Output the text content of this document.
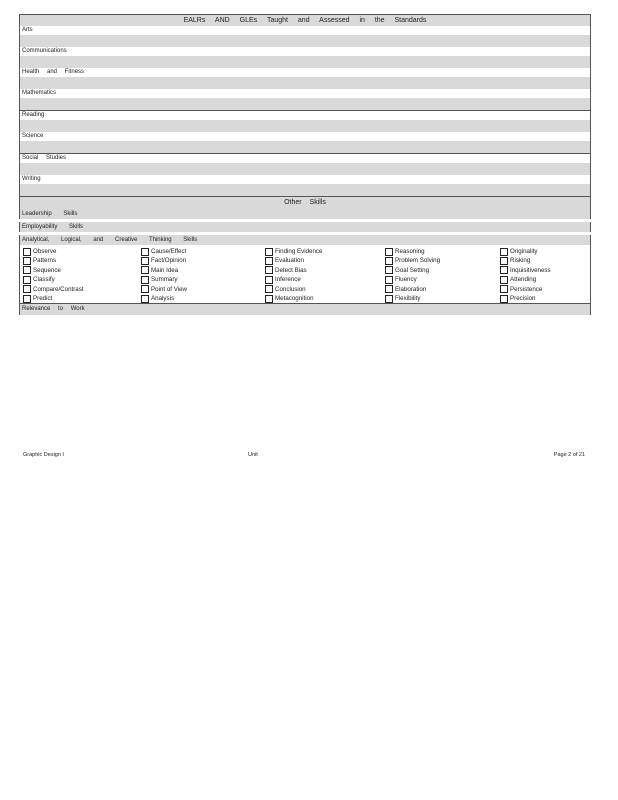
EALRs AND GLEs Taught and Assessed in the Standards
Arts
Communications
Health and Fitness
Mathematics
Reading
Science
Social Studies
Writing
Other Skills
Leadership Skills
Employability Skills
Analytical, Logical, and Creative Thinking Skills
Observe	Cause/Effect	Finding Evidence	Reasoning	Originality
Patterns	Fact/Opinion	Evaluation	Problem Solving	Risking
Sequence	Main Idea	Detect Bias	Goal Setting	Inquisitiveness
Classify	Summary	Inference	Fluency	Attending
Compare/Contrast	Point of View	Conclusion	Elaboration	Persistence
Predict	Analysis	Metacognition	Flexibility	Precision
Relevance to Work
Graphic Design I	Unit	Page 2 of 21
